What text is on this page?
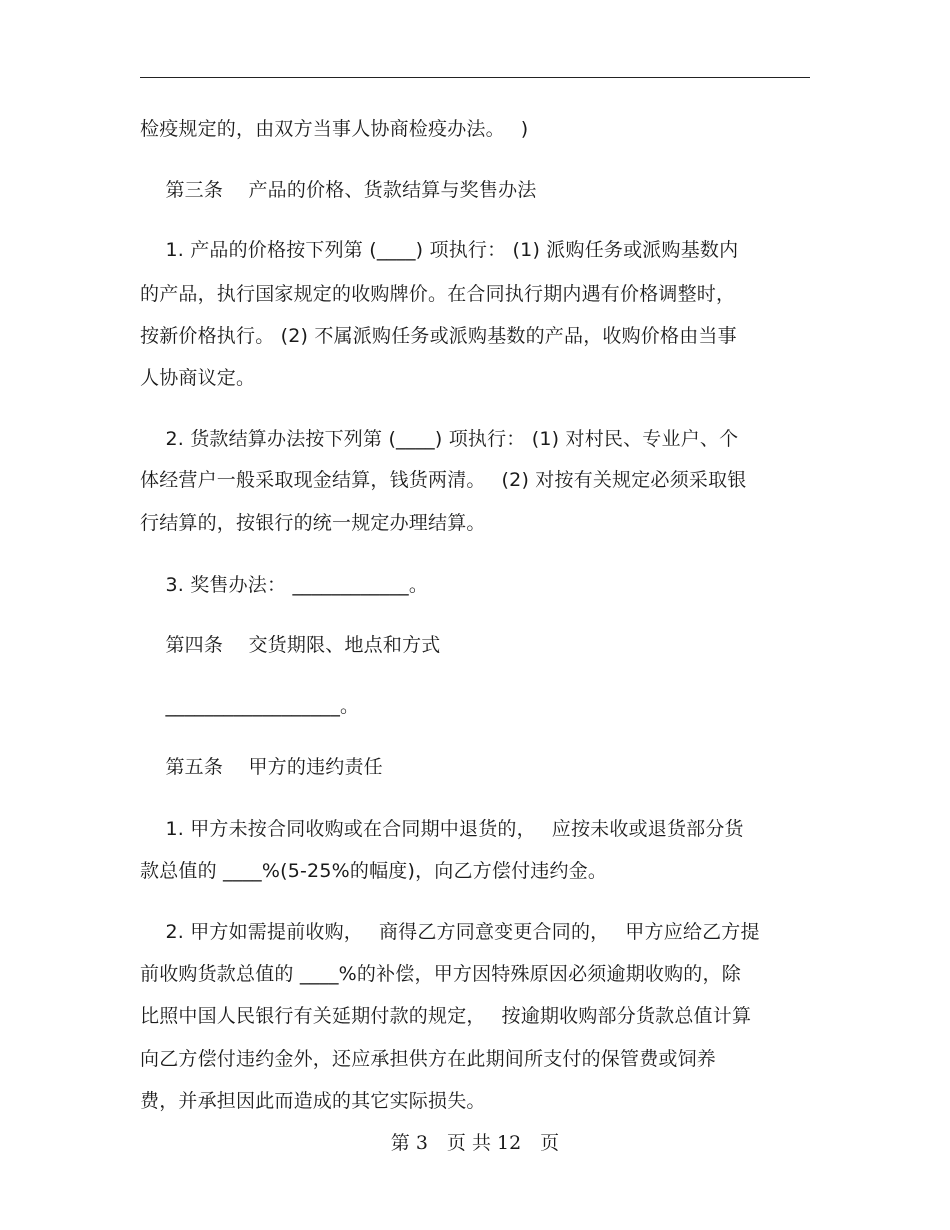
检疫规定的，由双方当事人协商检疫办法。　 )
　 第三条　 产品的价格、货款结算与奖售办法
　 1. 产品的价格按下列第 (____) 项执行： (1) 派购任务或派购基数内
的产品，执行国家规定的收购牌价。在合同执行期内遇有价格调整时，
按新价格执行。 (2) 不属派购任务或派购基数的产品，收购价格由当事
人协商议定。
　 2. 货款结算办法按下列第 (____) 项执行： (1) 对村民、专业户、个
体经营户一般采取现金结算，钱货两清。　 (2) 对按有关规定必须采取银
行结算的，按银行的统一规定办理结算。
　 3. 奖售办法： ____________。
　 第四条　 交货期限、地点和方式
　 __________________。
　 第五条　 甲方的违约责任
　 1. 甲方未按合同收购或在合同期中退货的，　 应按未收或退货部分货
款总值的 ____%(5-25%的幅度)，向乙方偿付违约金。
　 2. 甲方如需提前收购，　 商得乙方同意变更合同的，　 甲方应给乙方提
前收购货款总值的 ____%的补偿，甲方因特殊原因必须逾期收购的，除
比照中国人民银行有关延期付款的规定，　 按逾期收购部分货款总值计算
向乙方偿付违约金外，还应承担供方在此期间所支付的保管费或饲养
费，并承担因此而造成的其它实际损失。
第 3　页 共 12　页
